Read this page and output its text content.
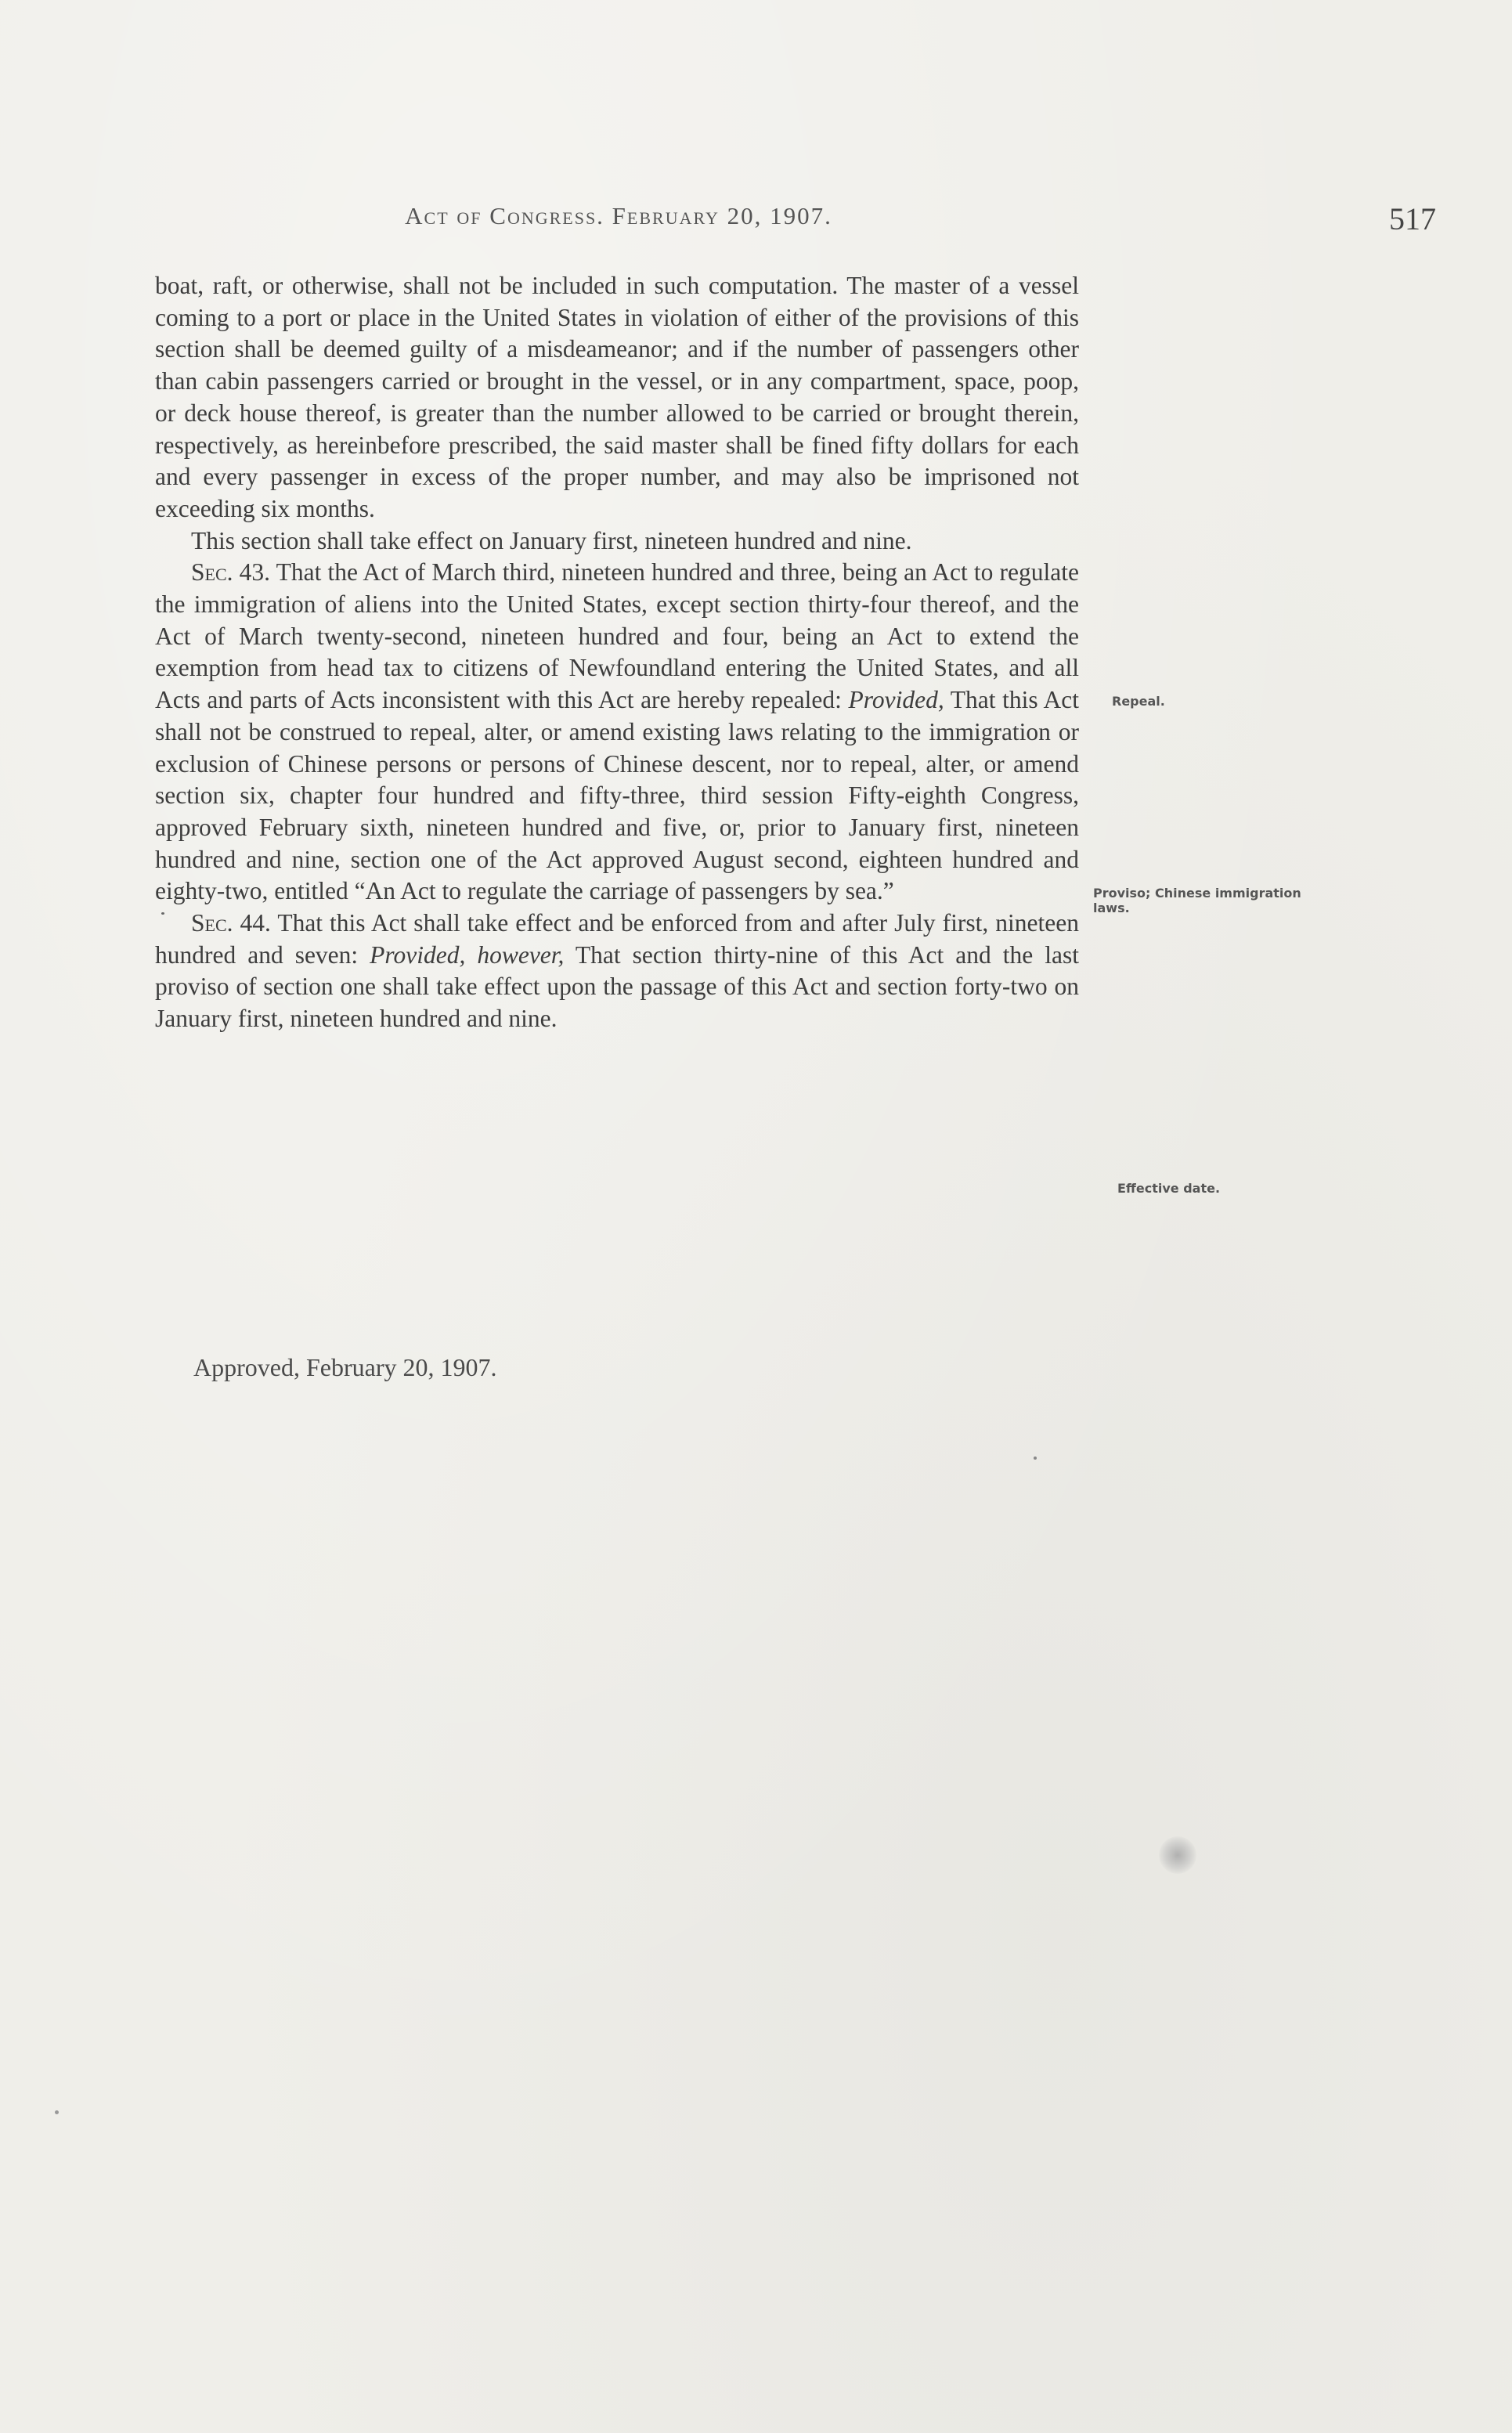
Act of Congress. February 20, 1907.	517

boat, raft, or otherwise, shall not be included in such computation. The master of a vessel coming to a port or place in the United States in violation of either of the provisions of this section shall be deemed guilty of a misdeameanor; and if the number of passengers other than cabin passengers carried or brought in the vessel, or in any compartment, space, poop, or deck house thereof, is greater than the number allowed to be carried or brought therein, respectively, as hereinbefore prescribed, the said master shall be fined fifty dollars for each and every passenger in excess of the proper number, and may also be imprisoned not exceeding six months.

This section shall take effect on January first, nineteen hundred and nine.

Sec. 43. That the Act of March third, nineteen hundred and three, being an Act to regulate the immigration of aliens into the United States, except section thirty-four thereof, and the Act of March twenty-second, nineteen hundred and four, being an Act to extend the exemption from head tax to citizens of Newfoundland entering the United States, and all Acts and parts of Acts inconsistent with this Act are hereby repealed: Provided, That this Act shall not be construed to repeal, alter, or amend existing laws relating to the immigration or exclusion of Chinese persons or persons of Chinese descent, nor to repeal, alter, or amend section six, chapter four hundred and fifty-three, third session Fifty-eighth Congress, approved February sixth, nineteen hundred and five, or, prior to January first, nineteen hundred and nine, section one of the Act approved August second, eighteen hundred and eighty-two, entitled “An Act to regulate the carriage of passengers by sea.”

Sec. 44. That this Act shall take effect and be enforced from and after July first, nineteen hundred and seven: Provided, however, That section thirty-nine of this Act and the last proviso of section one shall take effect upon the passage of this Act and section forty-two on January first, nineteen hundred and nine.

Repeal.
Proviso; Chinese immigration laws.
Effective date.
Approved, February 20, 1907.
